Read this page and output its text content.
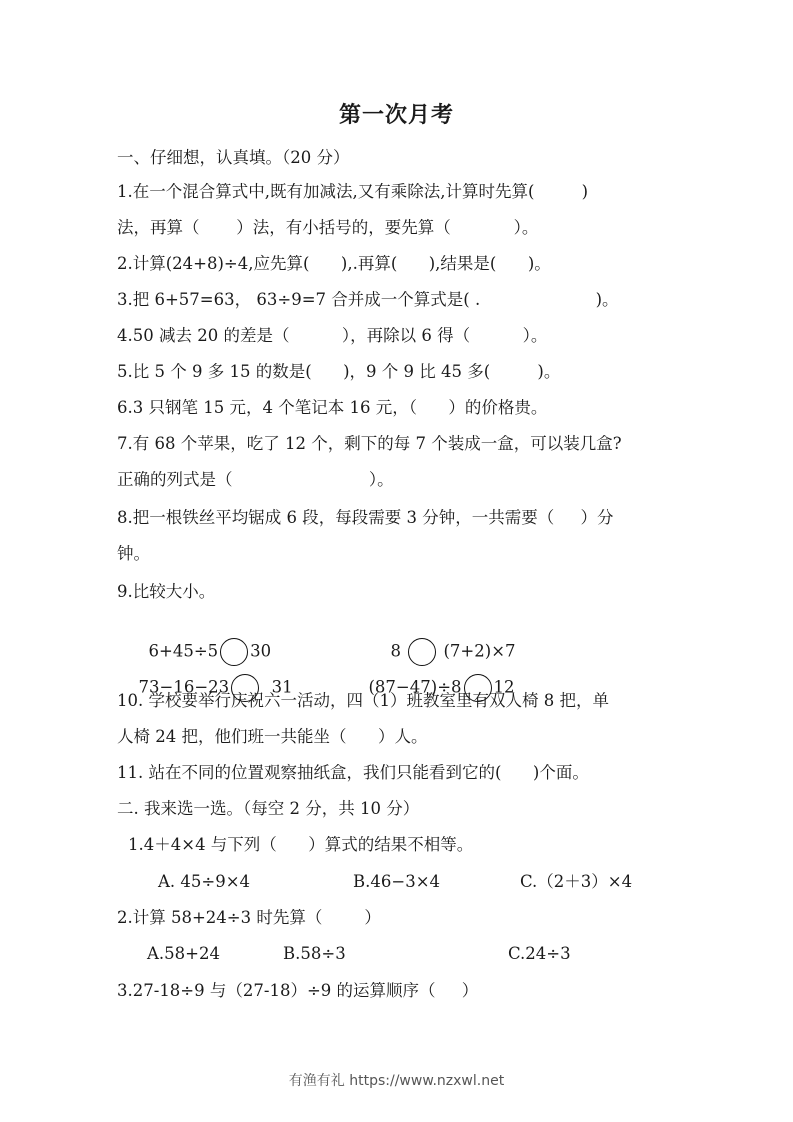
第一次月考
一、仔细想，认真填。（20 分）
1.在一个混合算式中,既有加减法,又有乘除法,计算时先算(         )
法，再算（       ）法，有小括号的，要先算（            ）。
2.计算(24+8)÷4,应先算(      ),.再算(      ),结果是(      )。
3.把 6+57=63， 63÷9=7 合并成一个算式是( .                      )。
4.50 减去 20 的差是（          ），再除以 6 得（          ）。
5.比 5 个 9 多 15 的数是(      )，9 个 9 比 45 多(         )。
6.3 只钢笔 15 元，4 个笔记本 16 元，（      ）的价格贵。
7.有 68 个苹果，吃了 12 个，剩下的每 7 个装成一盒，可以装几盒?
正确的列式是（                          ）。
8.把一根铁丝平均锯成 6 段，每段需要 3 分钟，一共需要（     ）分
钟。
9.比较大小。

6+45÷5 30	8	(7+2)×7

73−16−23	31	(87−47)÷8 12

10. 学校要举行庆祝六一活动，四（1）班教室里有双人椅 8 把，单
人椅 24 把，他们班一共能坐（      ）人。
11. 站在不同的位置观察抽纸盒，我们只能看到它的(      )个面。
二. 我来选一选。（每空 2 分，共 10 分）
1.4＋4×4 与下列（      ）算式的结果不相等。
A. 45÷9×4	B.46−3×4	C.（2＋3）×4
2.计算 58+24÷3 时先算（        ）
A.58+24	B.58÷3	C.24÷3
3.27-18÷9 与（27-18）÷9 的运算顺序（     ）
有渔有礼 https://www.nzxwl.net
